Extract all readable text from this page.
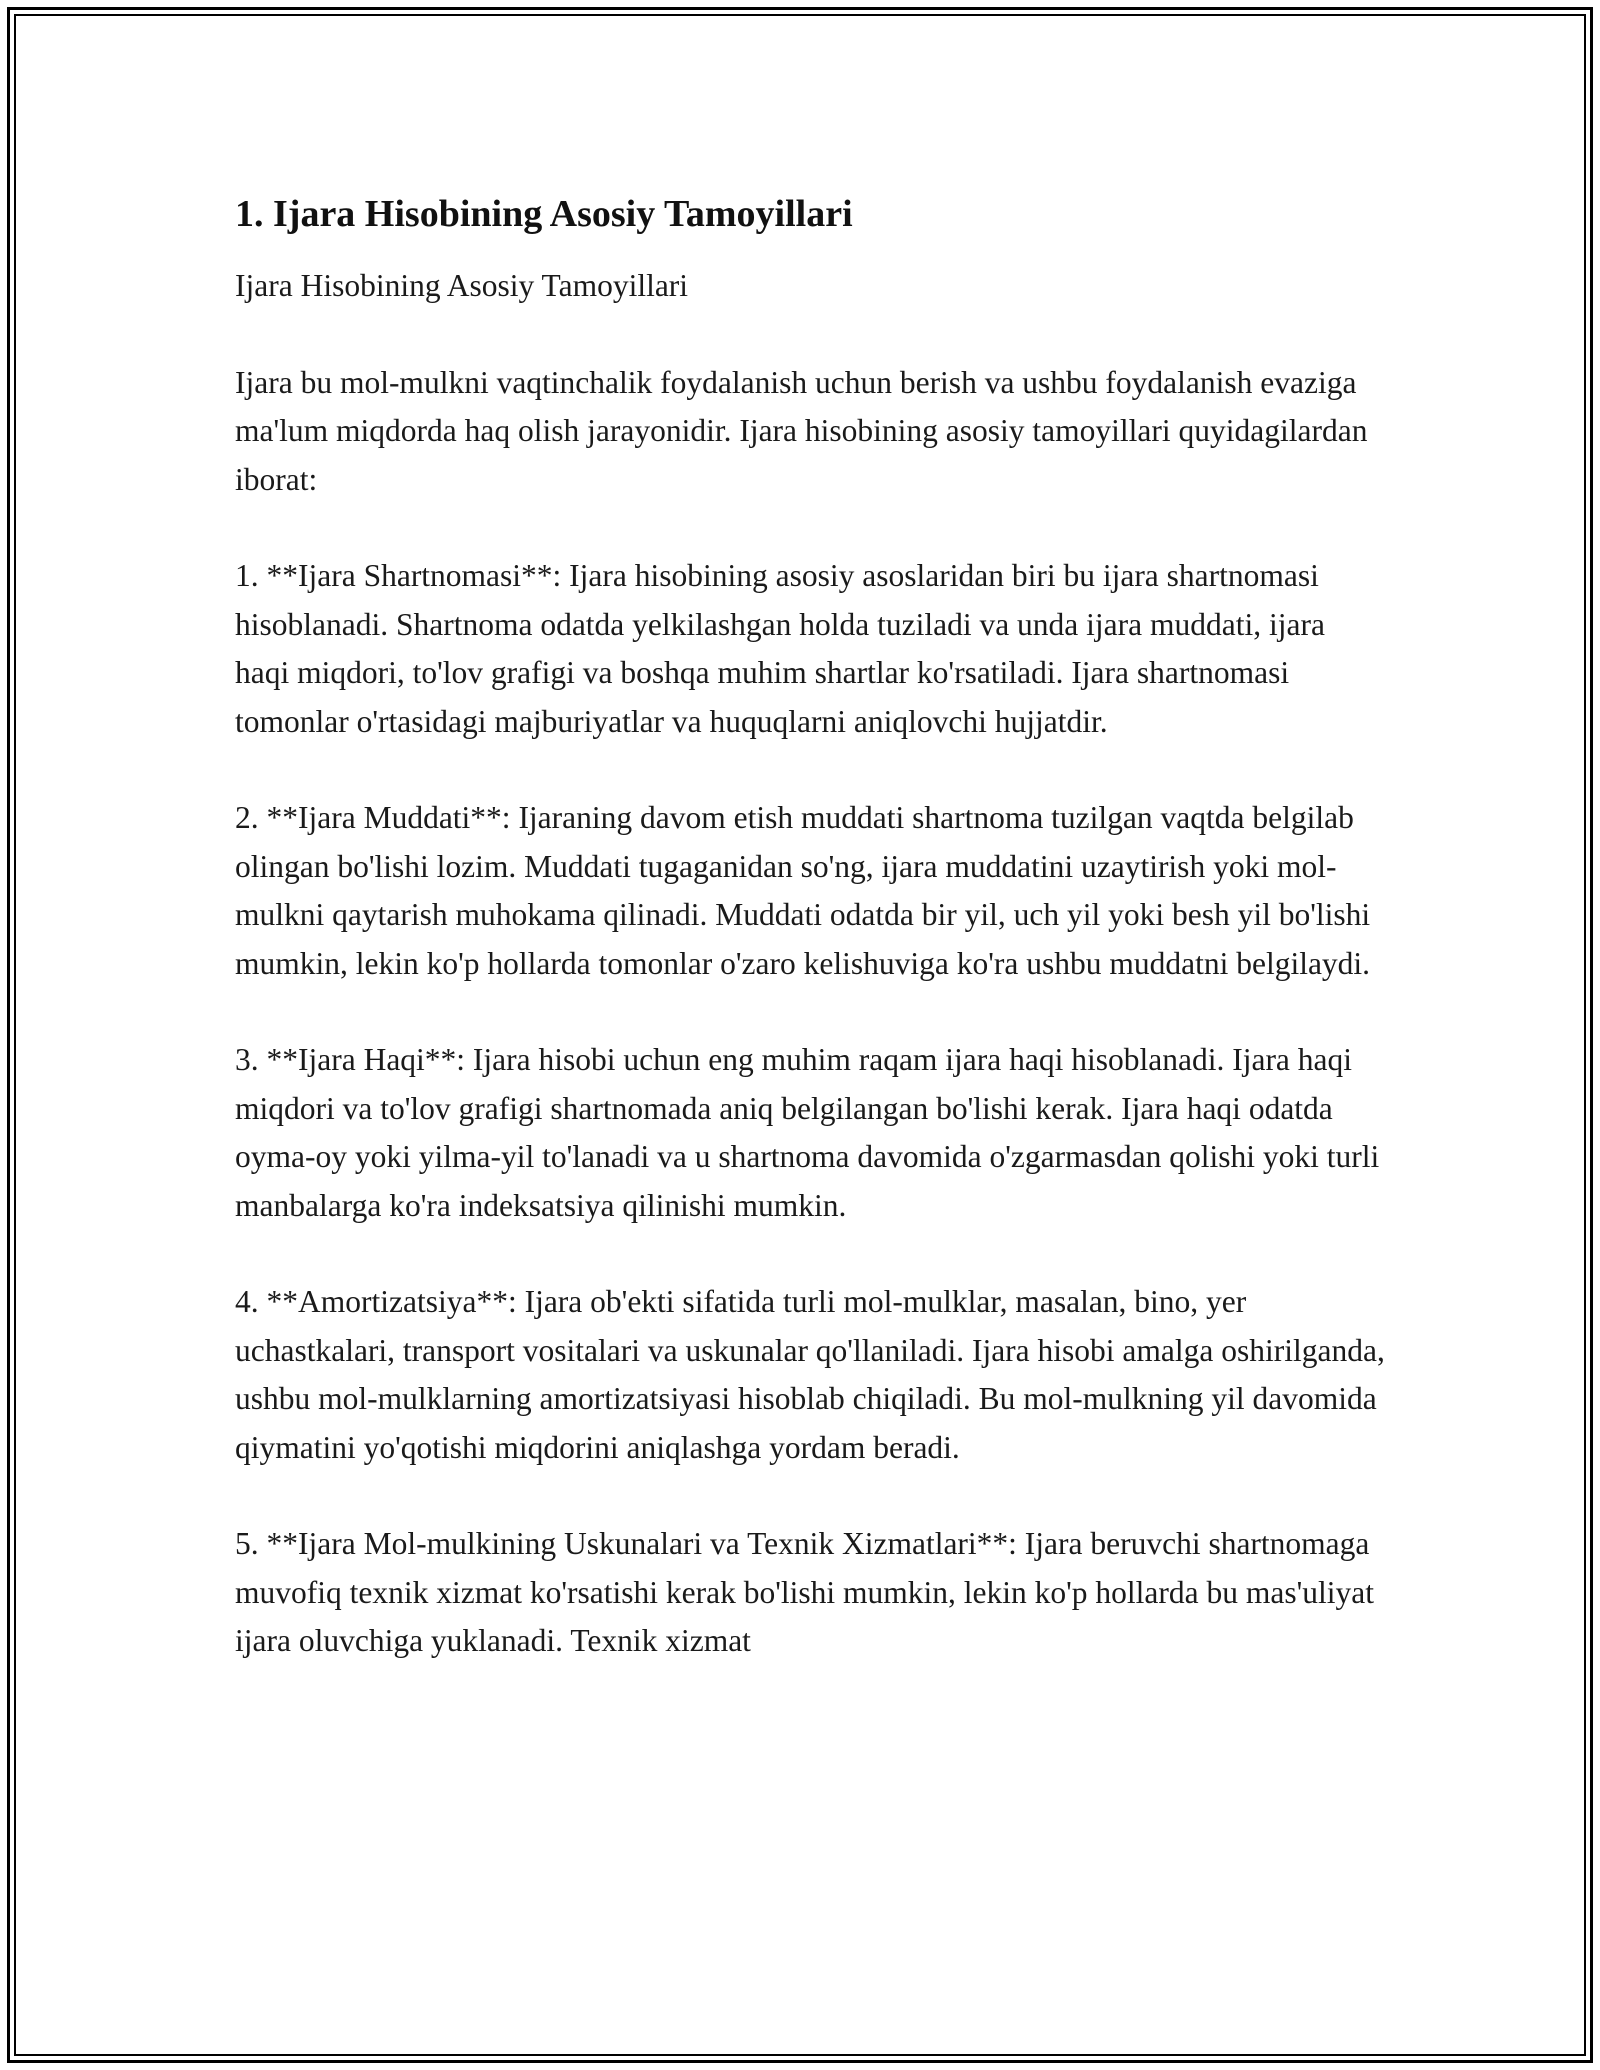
1. Ijara Hisobining Asosiy Tamoyillari

Ijara Hisobining Asosiy Tamoyillari

Ijara bu mol-mulkni vaqtinchalik foydalanish uchun berish va ushbu foydalanish evaziga ma'lum miqdorda haq olish jarayonidir. Ijara hisobining asosiy tamoyillari quyidagilardan iborat:

1. **Ijara Shartnomasi**: Ijara hisobining asosiy asoslaridan biri bu ijara shartnomasi hisoblanadi. Shartnoma odatda yelkilashgan holda tuziladi va unda ijara muddati, ijara haqi miqdori, to'lov grafigi va boshqa muhim shartlar ko'rsatiladi. Ijara shartnomasi tomonlar o'rtasidagi majburiyatlar va huquqlarni aniqlovchi hujjatdir.

2. **Ijara Muddati**: Ijaraning davom etish muddati shartnoma tuzilgan vaqtda belgilab olingan bo'lishi lozim. Muddati tugaganidan so'ng, ijara muddatini uzaytirish yoki mol-mulkni qaytarish muhokama qilinadi. Muddati odatda bir yil, uch yil yoki besh yil bo'lishi mumkin, lekin ko'p hollarda tomonlar o'zaro kelishuviga ko'ra ushbu muddatni belgilaydi.

3. **Ijara Haqi**: Ijara hisobi uchun eng muhim raqam ijara haqi hisoblanadi. Ijara haqi miqdori va to'lov grafigi shartnomada aniq belgilangan bo'lishi kerak. Ijara haqi odatda oyma-oy yoki yilma-yil to'lanadi va u shartnoma davomida o'zgarmasdan qolishi yoki turli manbalarga ko'ra indeksatsiya qilinishi mumkin.

4. **Amortizatsiya**: Ijara ob'ekti sifatida turli mol-mulklar, masalan, bino, yer uchastkalari, transport vositalari va uskunalar qo'llaniladi. Ijara hisobi amalga oshirilganda, ushbu mol-mulklarning amortizatsiyasi hisoblab chiqiladi. Bu mol-mulkning yil davomida qiymatini yo'qotishi miqdorini aniqlashga yordam beradi.

5. **Ijara Mol-mulkining Uskunalari va Texnik Xizmatlari**: Ijara beruvchi shartnomaga muvofiq texnik xizmat ko'rsatishi kerak bo'lishi mumkin, lekin ko'p hollarda bu mas'uliyat ijara oluvchiga yuklanadi. Texnik xizmat
